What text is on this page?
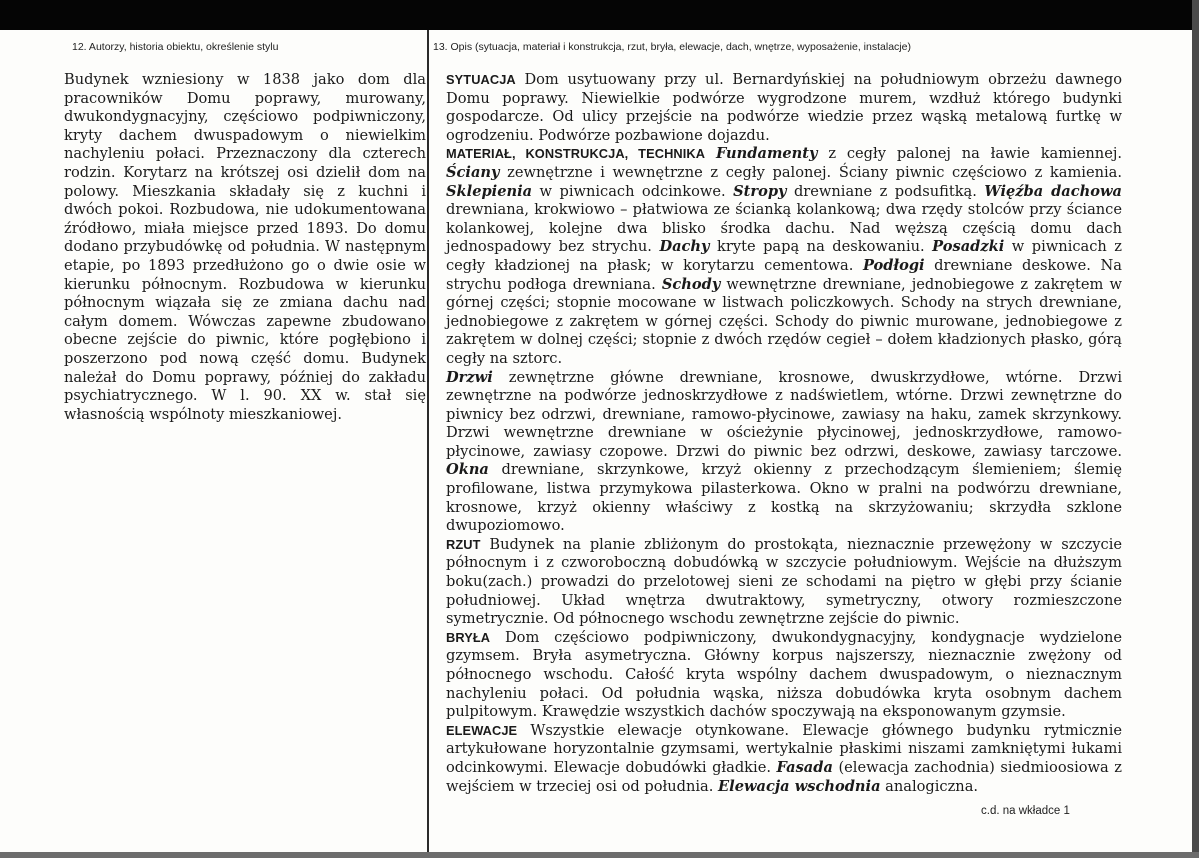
12. Autorzy, historia obiektu, określenie stylu	13. Opis (sytuacja, materiał i konstrukcja, rzut, bryła, elewacje, dach, wnętrze, wyposażenie, instalacje)
Budynek wzniesiony w 1838 jako dom dla pracowników Domu poprawy, murowany, dwukondygnacyjny, częściowo podpiwniczony, kryty dachem dwuspadowym o niewielkim nachyleniu połaci. Przeznaczony dla czterech rodzin. Korytarz na krótszej osi dzielił dom na polowy. Mieszkania składały się z kuchni i dwóch pokoi. Rozbudowa, nie udokumentowana źródłowo, miała miejsce przed 1893. Do domu dodano przybudówkę od południa. W następnym etapie, po 1893 przedłużono go o dwie osie w kierunku północnym. Rozbudowa w kierunku północnym wiązała się ze zmiana dachu nad całym domem. Wówczas zapewne zbudowano obecne zejście do piwnic, które pogłębiono i poszerzono pod nową część domu. Budynek należał do Domu poprawy, później do zakładu psychiatrycznego. W l. 90. XX w. stał się własnością wspólnoty mieszkaniowej.

SYTUACJA Dom usytuowany przy ul. Bernardyńskiej na południowym obrzeżu dawnego Domu poprawy. Niewielkie podwórze wygrodzone murem, wzdłuż którego budynki gospodarcze. Od ulicy przejście na podwórze wiedzie przez wąską metalową furtkę w ogrodzeniu. Podwórze pozbawione dojazdu.

MATERIAŁ, KONSTRUKCJA, TECHNIKA Fundamenty z cegły palonej na ławie kamiennej. Ściany zewnętrzne i wewnętrzne z cegły palonej. Ściany piwnic częściowo z kamienia. Sklepienia w piwnicach odcinkowe. Stropy drewniane z podsufitką. Więźba dachowa drewniana, krokwiowo – płatwiowa ze ścianką kolankową; dwa rzędy stolców przy ściance kolankowej, kolejne dwa blisko środka dachu. Nad węższą częścią domu dach jednospadowy bez strychu. Dachy kryte papą na deskowaniu. Posadzki w piwnicach z cegły kładzionej na płask; w korytarzu cementowa. Podłogi drewniane deskowe. Na strychu podłoga drewniana. Schody wewnętrzne drewniane, jednobiegowe z zakrętem w górnej części; stopnie mocowane w listwach policzkowych. Schody na strych drewniane, jednobiegowe z zakrętem w górnej części. Schody do piwnic murowane, jednobiegowe z zakrętem w dolnej części; stopnie z dwóch rzędów cegieł – dołem kładzionych płasko, górą cegły na sztorc.

Drzwi zewnętrzne główne drewniane, krosnowe, dwuskrzydłowe, wtórne. Drzwi zewnętrzne na podwórze jednoskrzydłowe z nadświetlem, wtórne. Drzwi zewnętrzne do piwnicy bez odrzwi, drewniane, ramowo-płycinowe, zawiasy na haku, zamek skrzynkowy. Drzwi wewnętrzne drewniane w ościeżynie płycinowej, jednoskrzydłowe, ramowo-płycinowe, zawiasy czopowe. Drzwi do piwnic bez odrzwi, deskowe, zawiasy tarczowe. Okna drewniane, skrzynkowe, krzyż okienny z przechodzącym ślemieniem; ślemię profilowane, listwa przymykowa pilasterkowa. Okno w pralni na podwórzu drewniane, krosnowe, krzyż okienny właściwy z kostką na skrzyżowaniu; skrzydła szklone dwupoziomowo.

RZUT Budynek na planie zbliżonym do prostokąta, nieznacznie przewężony w szczycie północnym i z czworoboczną dobudówką w szczycie południowym. Wejście na dłuższym boku(zach.) prowadzi do przelotowej sieni ze schodami na piętro w głębi przy ścianie południowej. Układ wnętrza dwutraktowy, symetryczny, otwory rozmieszczone symetrycznie. Od północnego wschodu zewnętrzne zejście do piwnic.

BRYŁA Dom częściowo podpiwniczony, dwukondygnacyjny, kondygnacje wydzielone gzymsem. Bryła asymetryczna. Główny korpus najszerszy, nieznacznie zwężony od północnego wschodu. Całość kryta wspólny dachem dwuspadowym, o nieznacznym nachyleniu połaci. Od południa wąska, niższa dobudówka kryta osobnym dachem pulpitowym. Krawędzie wszystkich dachów spoczywają na eksponowanym gzymsie.

ELEWACJE Wszystkie elewacje otynkowane. Elewacje głównego budynku rytmicznie artykułowane horyzontalnie gzymsami, wertykalnie płaskimi niszami zamkniętymi łukami odcinkowymi. Elewacje dobudówki gładkie. Fasada (elewacja zachodnia) siedmioosiowa z wejściem w trzeciej osi od południa. Elewacja wschodnia analogiczna.

c.d. na wkładce 1
